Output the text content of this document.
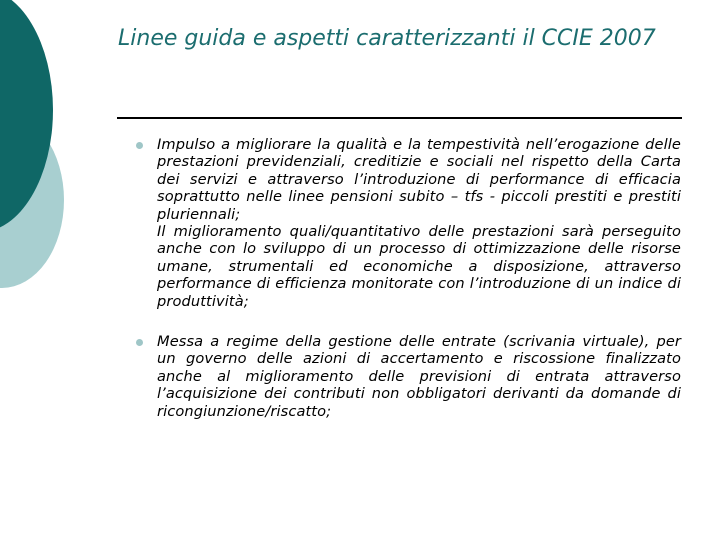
Linee guida e aspetti caratterizzanti il CCIE 2007

Impulso a migliorare la qualità e la tempestività nell’erogazione delle prestazioni previdenziali, creditizie e sociali nel rispetto della Carta dei servizi e attraverso l’introduzione di performance di efficacia soprattutto nelle linee pensioni subito – tfs - piccoli prestiti e prestiti pluriennali;

Il miglioramento quali/quantitativo delle prestazioni sarà perseguito anche con lo sviluppo di un processo di ottimizzazione delle risorse umane, strumentali ed economiche a disposizione, attraverso performance di efficienza monitorate con l’introduzione di un indice di produttività;

Messa a regime della gestione delle entrate (scrivania virtuale), per un governo delle azioni di accertamento e riscossione finalizzato anche al miglioramento delle previsioni di entrata attraverso l’acquisizione dei contributi non obbligatori derivanti da domande di ricongiunzione/riscatto;
